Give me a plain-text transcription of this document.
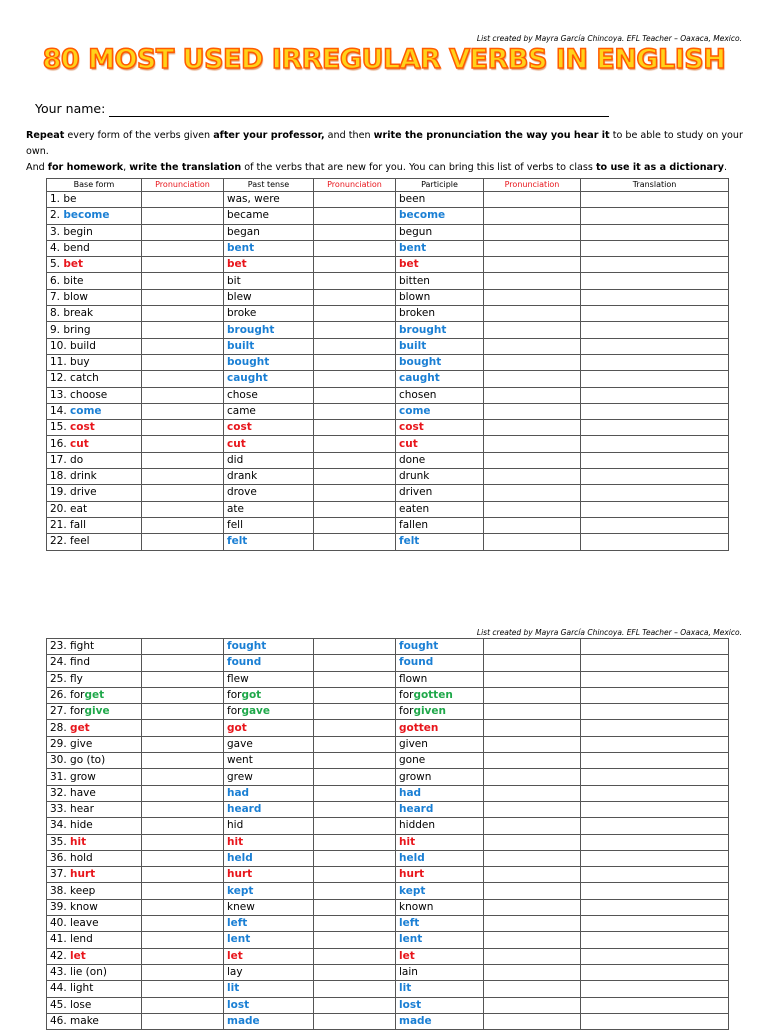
List created by Mayra García Chincoya. EFL Teacher – Oaxaca, Mexico.
80 MOST USED IRREGULAR VERBS IN ENGLISH
Your name:
Repeat every form of the verbs given after your professor, and then write the pronunciation the way you hear it to be able to study on your own.
And for homework, write the translation of the verbs that are new for you. You can bring this list of verbs to class to use it as a dictionary.
Base form	Pronunciation	Past tense	Pronunciation	Participle	Pronunciation	Translation
1. be		was, were		been		
2. become		became		become		
3. begin		began		begun		
4. bend		bent		bent		
5. bet		bet		bet		
6. bite		bit		bitten		
7. blow		blew		blown		
8. break		broke		broken		
9. bring		brought		brought		
10. build		built		built		
11. buy		bought		bought		
12. catch		caught		caught		
13. choose		chose		chosen		
14. come		came		come		
15. cost		cost		cost		
16. cut		cut		cut		
17. do		did		done		
18. drink		drank		drunk		
19. drive		drove		driven		
20. eat		ate		eaten		
21. fall		fell		fallen		
22. feel		felt		felt		
List created by Mayra García Chincoya. EFL Teacher – Oaxaca, Mexico.
23. fight		fought		fought		
24. find		found		found		
25. fly		flew		flown		
26. forget		forgot		forgotten		
27. forgive		forgave		forgiven		
28. get		got		gotten		
29. give		gave		given		
30. go (to)		went		gone		
31. grow		grew		grown		
32. have		had		had		
33. hear		heard		heard		
34. hide		hid		hidden		
35. hit		hit		hit		
36. hold		held		held		
37. hurt		hurt		hurt		
38. keep		kept		kept		
39. know		knew		known		
40. leave		left		left		
41. lend		lent		lent		
42. let		let		let		
43. lie (on)		lay		lain		
44. light		lit		lit		
45. lose		lost		lost		
46. make		made		made		
